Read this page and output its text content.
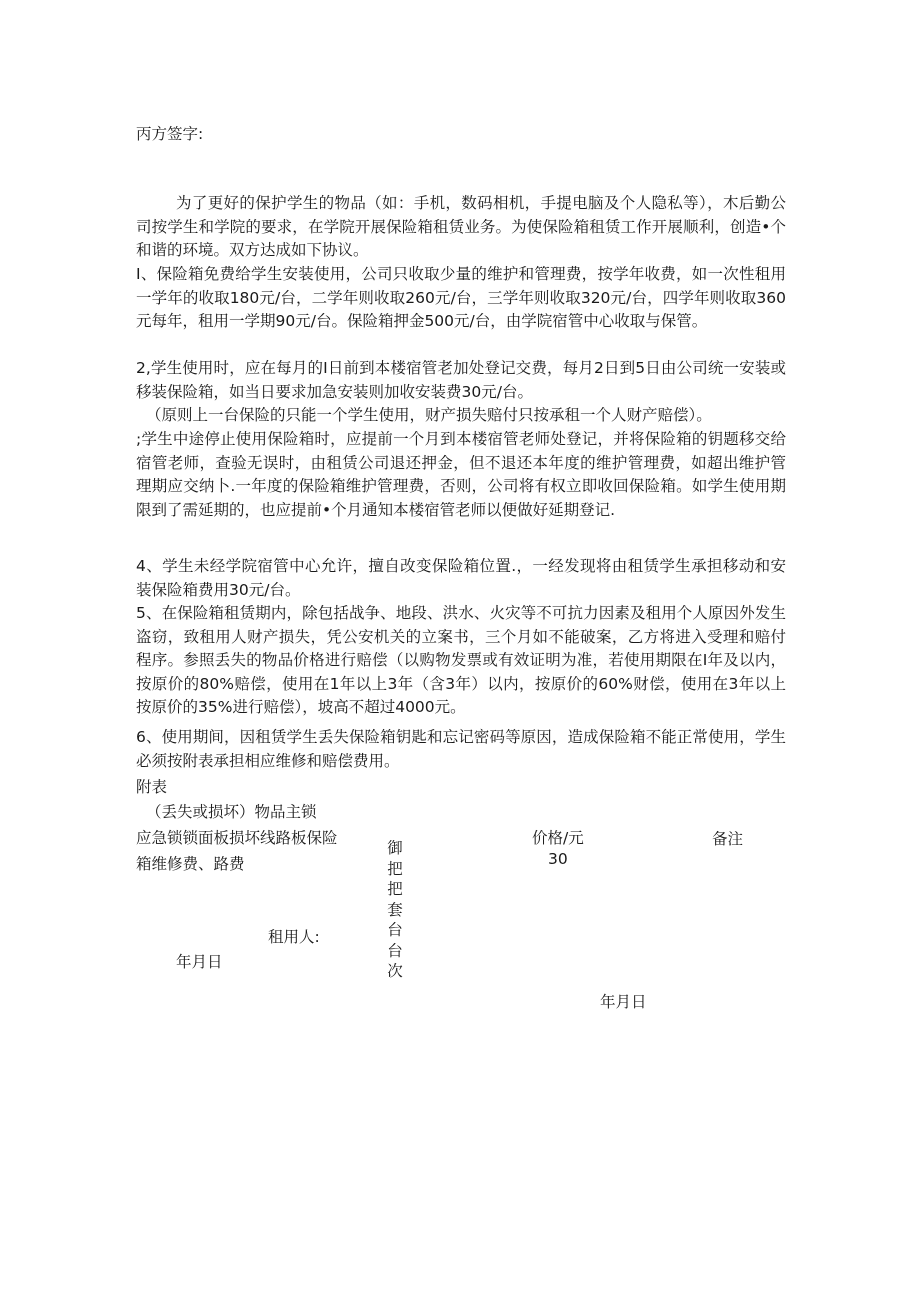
丙方签字:
为了更好的保护学生的物品（如：手机，数码相机，手提电脑及个人隐私等），木后勤公司按学生和学院的要求，在学院开展保险箱租赁业务。为使保险箱租赁工作开展顺利，创造•个和谐的环境。双方达成如下协议。
I、保险箱免费给学生安装使用，公司只收取少量的维护和管理费，按学年收费，如一次性租用一学年的收取180元/台，二学年则收取260元/台，三学年则收取320元/台，四学年则收取360元每年，租用一学期90元/台。保险箱押金500元/台，由学院宿管中心收取与保管。
2,学生使用时，应在每月的I日前到本楼宿管老加处登记交费，每月2日到5日由公司统一安装或移装保险箱，如当日要求加急安装则加收安装费30元/台。
（原则上一台保险的只能一个学生使用，财产损失赔付只按承租一个人财产赔偿）。
;学生中途停止使用保险箱时，应提前一个月到本楼宿管老师处登记，并将保险箱的钥题移交给宿管老师，查验无误时，由租赁公司退还押金，但不退还本年度的维护管理费，如超出维护管理期应交纳卜.一年度的保险箱维护管理费，否则，公司将有权立即收回保险箱。如学生使用期限到了需延期的，也应提前•个月通知本楼宿管老师以便做好延期登记.
4、学生未经学院宿管中心允许，擅自改变保险箱位置.，一经发现将由租赁学生承担移动和安装保险箱费用30元/台。
5、在保险箱租赁期内，除包括战争、地段、洪水、火灾等不可抗力因素及租用个人原因外发生盗窃，致租用人财产损失，凭公安机关的立案书，三个月如不能破案，乙方将进入受理和赔付程序。参照丢失的物品价格进行赔偿（以购物发票或有效证明为准，若使用期限在I年及以内，按原价的80%赔偿，使用在1年以上3年（含3年）以内，按原价的60%财偿，使用在3年以上按原价的35%进行赔偿），坡高不超过4000元。
6、使用期间，因租赁学生丢失保险箱钥匙和忘记密码等原因，造成保险箱不能正常使用，学生必须按附表承担相应维修和赔偿费用。
附表
（丢失或损坏）物品主锁
应急锁锁面板损坏线路板保险
箱维修费、路费
价格/元
30
备注
御
把
把
套
台
台
次
租用人:
年月日
年月日
